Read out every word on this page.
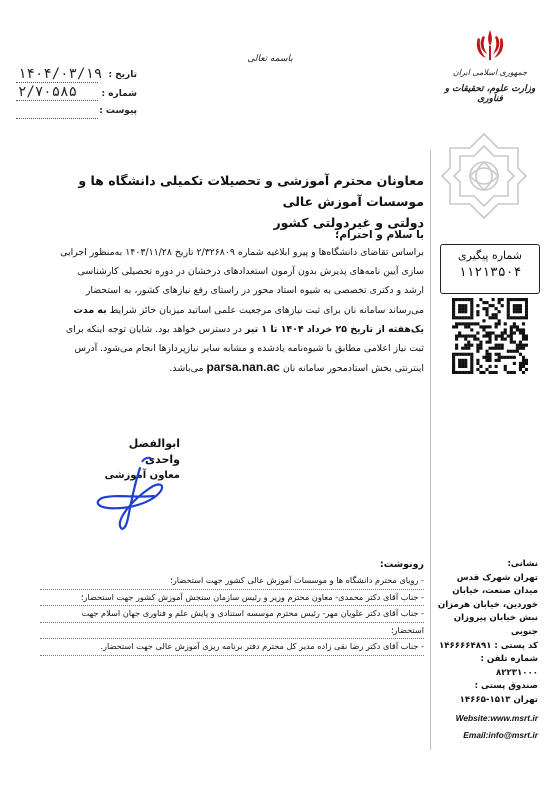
باسمه تعالی
۱۴۰۴/۰۳/۱۹ تاریخ :
۲/۷۰۵۸۵	شماره :
پیوست :
جمهوری اسلامی ایران
وزارت علوم، تحقیقات و فناوری
معاونان محترم آموزشی و تحصیلات تکمیلی دانشگاه ها و موسسات آموزش عالی
دولتی و غیردولتی کشور
با سلام و احترام؛
براساس تقاضای دانشگاه‌ها و پیرو ابلاغیه شماره ۲/۳۲۶۸۰۹ تاریخ ۱۴۰۳/۱۱/۲۸ به‌منظور اجرایی
سازی آیین نامه‌های پذیرش بدون آزمون استعدادهای درخشان در دوره تحصیلی کارشناسی
ارشد و دکتری تخصصی به شیوه استاد محور در راستای رفع نیازهای کشور، به استحضار
می‌رساند سامانه نان برای ثبت نیازهای مرجعیت علمی اساتید میزبان حائز شرایط به مدت
یک‌هفته از تاریخ ۲۵ خرداد ۱۴۰۴ تا ۱ تیر در دسترس خواهد بود. شایان توجه اینکه برای
ثبت نیاز اعلامی مطابق با شیوه‌نامه یادشده و مشابه سایر نیازپردازها انجام می‌شود. آدرس
اینترنتی بخش استادمحور سامانه نان parsa.nan.ac می‌باشد.
شماره پیگیری
۱۱۲۱۳۵۰۴
ابوالفضل واحدی
معاون آموزشی
رونوشت:
- رویای محترم دانشگاه ها و موسسات آموزش عالی کشور جهت استحضار؛
- جناب آقای دکتر محمدی- معاون محترم وزیر و رئیس سازمان سنجش آموزش کشور جهت استحضار؛
- جناب آقای دکتر علویان مهر- رئیس محترم موسسه استنادی و پایش علم و فناوری جهان اسلام جهت
استحضار؛
- جناب آقای دکتر رضا نقی زاده مدیر کل محترم دفتر برنامه ریزی آموزش عالی جهت استحضار.
نشانی:
تهران شهرک قدس
میدان صنعت، خیابان
خوردین، خیابان هرمزان
نبش خیابان پیروزان جنوبی
کد پستی : ۱۴۶۶۶۶۴۸۹۱
شماره تلفن : ۸۲۲۳۱۰۰۰
صندوق پستی :
تهران ۱۵۱۳-۱۴۶۶۵
Website:www.msrt.ir
Email:info@msrt.ir
